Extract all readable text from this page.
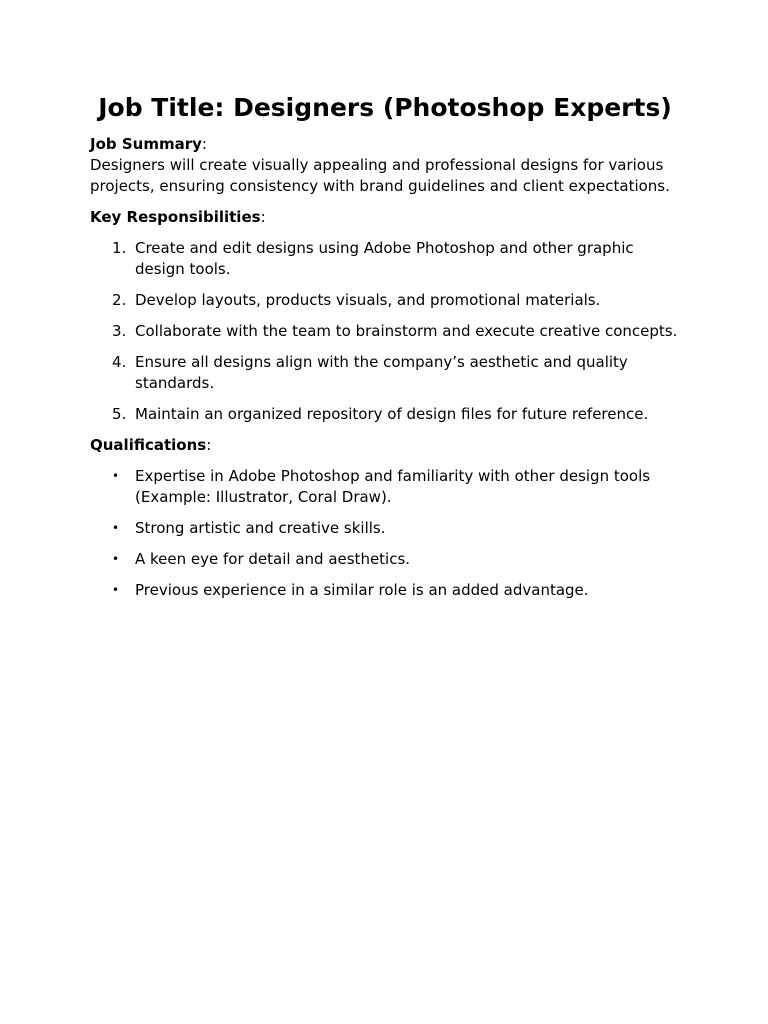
Job Title: Designers (Photoshop Experts)

Job Summary:

Designers will create visually appealing and professional designs for various projects, ensuring consistency with brand guidelines and client expectations.

Key Responsibilities:

1. Create and edit designs using Adobe Photoshop and other graphic design tools.
2. Develop layouts, products visuals, and promotional materials.
3. Collaborate with the team to brainstorm and execute creative concepts.
4. Ensure all designs align with the company’s aesthetic and quality standards.
5. Maintain an organized repository of design files for future reference.

Qualifications:

• Expertise in Adobe Photoshop and familiarity with other design tools (Example: Illustrator, Coral Draw).
• Strong artistic and creative skills.
• A keen eye for detail and aesthetics.
• Previous experience in a similar role is an added advantage.
